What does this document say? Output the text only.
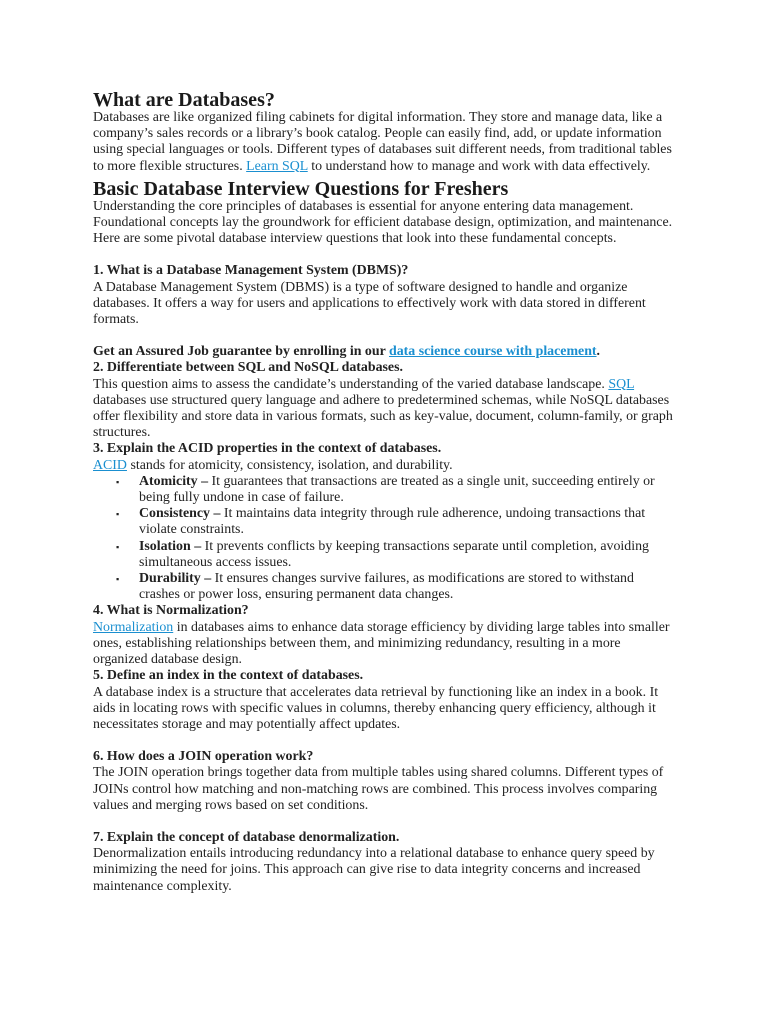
What are Databases?

Databases are like organized filing cabinets for digital information. They store and manage data, like a company’s sales records or a library’s book catalog. People can easily find, add, or update information using special languages or tools. Different types of databases suit different needs, from traditional tables to more flexible structures. Learn SQL to understand how to manage and work with data effectively.

Basic Database Interview Questions for Freshers

Understanding the core principles of databases is essential for anyone entering data management. Foundational concepts lay the groundwork for efficient database design, optimization, and maintenance. Here are some pivotal database interview questions that look into these fundamental concepts.

1. What is a Database Management System (DBMS)?

A Database Management System (DBMS) is a type of software designed to handle and organize databases. It offers a way for users and applications to effectively work with data stored in different formats.

Get an Assured Job guarantee by enrolling in our data science course with placement.

2. Differentiate between SQL and NoSQL databases.

This question aims to assess the candidate’s understanding of the varied database landscape. SQL databases use structured query language and adhere to predetermined schemas, while NoSQL databases offer flexibility and store data in various formats, such as key-value, document, column-family, or graph structures.

3. Explain the ACID properties in the context of databases.

ACID stands for atomicity, consistency, isolation, and durability.

▪ Atomicity – It guarantees that transactions are treated as a single unit, succeeding entirely or being fully undone in case of failure.
▪ Consistency – It maintains data integrity through rule adherence, undoing transactions that violate constraints.
▪ Isolation – It prevents conflicts by keeping transactions separate until completion, avoiding simultaneous access issues.
▪ Durability – It ensures changes survive failures, as modifications are stored to withstand crashes or power loss, ensuring permanent data changes.

4. What is Normalization?

Normalization in databases aims to enhance data storage efficiency by dividing large tables into smaller ones, establishing relationships between them, and minimizing redundancy, resulting in a more organized database design.

5. Define an index in the context of databases.

A database index is a structure that accelerates data retrieval by functioning like an index in a book. It aids in locating rows with specific values in columns, thereby enhancing query efficiency, although it necessitates storage and may potentially affect updates.

6. How does a JOIN operation work?

The JOIN operation brings together data from multiple tables using shared columns. Different types of JOINs control how matching and non-matching rows are combined. This process involves comparing values and merging rows based on set conditions.

7. Explain the concept of database denormalization.

Denormalization entails introducing redundancy into a relational database to enhance query speed by minimizing the need for joins. This approach can give rise to data integrity concerns and increased maintenance complexity.
